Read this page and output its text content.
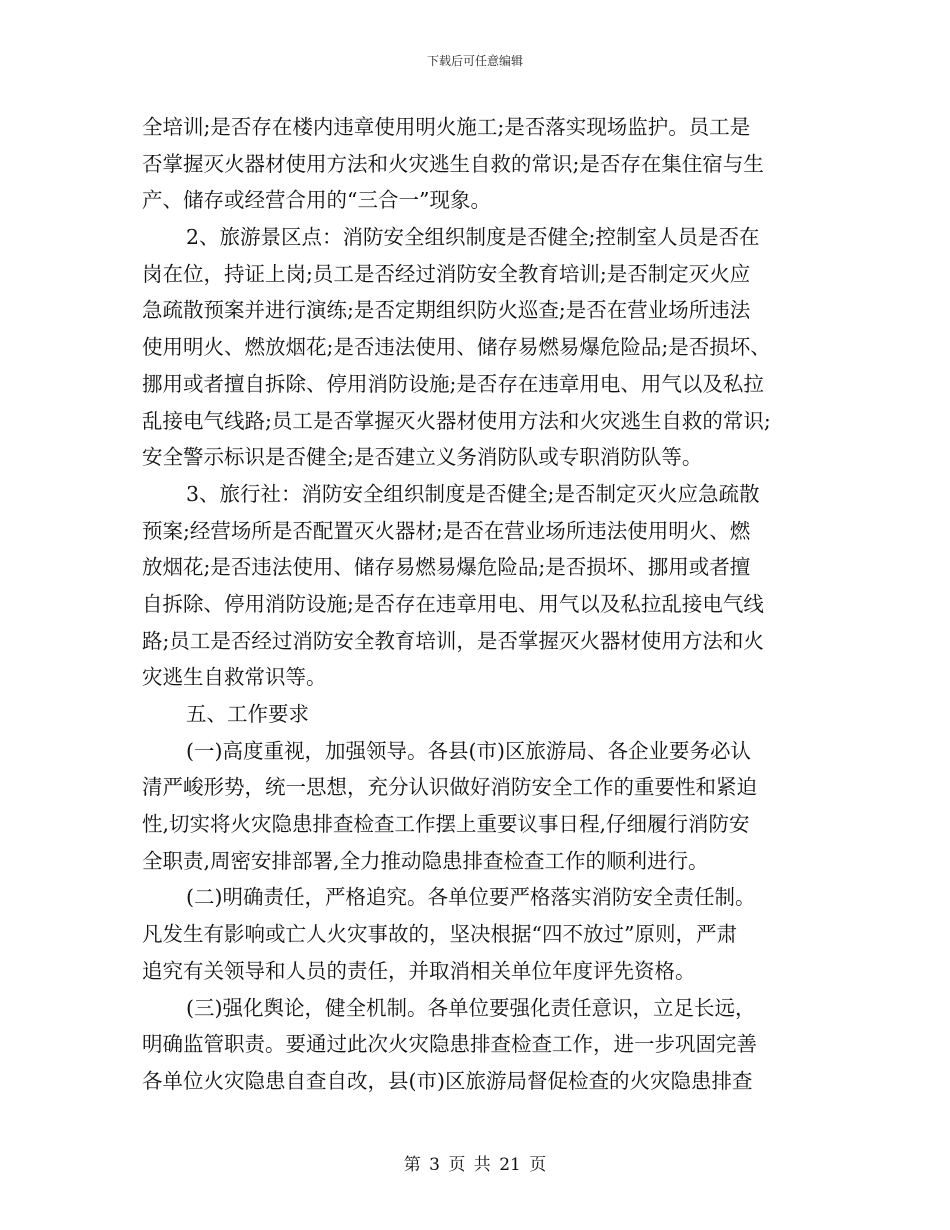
下载后可任意编辑
全培训;是否存在楼内违章使用明火施工;是否落实现场监护。员工是
否掌握灭火器材使用方法和火灾逃生自救的常识;是否存在集住宿与生
产、储存或经营合用的“三合一”现象。
2、旅游景区点：消防安全组织制度是否健全;控制室人员是否在
岗在位，持证上岗;员工是否经过消防安全教育培训;是否制定灭火应
急疏散预案并进行演练;是否定期组织防火巡查;是否在营业场所违法
使用明火、燃放烟花;是否违法使用、储存易燃易爆危险品;是否损坏、
挪用或者擅自拆除、停用消防设施;是否存在违章用电、用气以及私拉
乱接电气线路;员工是否掌握灭火器材使用方法和火灾逃生自救的常识;
安全警示标识是否健全;是否建立义务消防队或专职消防队等。
3、旅行社：消防安全组织制度是否健全;是否制定灭火应急疏散
预案;经营场所是否配置灭火器材;是否在营业场所违法使用明火、燃
放烟花;是否违法使用、储存易燃易爆危险品;是否损坏、挪用或者擅
自拆除、停用消防设施;是否存在违章用电、用气以及私拉乱接电气线
路;员工是否经过消防安全教育培训，是否掌握灭火器材使用方法和火
灾逃生自救常识等。
五、工作要求
(一)高度重视，加强领导。各县(市)区旅游局、各企业要务必认
清严峻形势，统一思想，充分认识做好消防安全工作的重要性和紧迫
性,切实将火灾隐患排查检查工作摆上重要议事日程,仔细履行消防安
全职责,周密安排部署,全力推动隐患排查检查工作的顺利进行。
(二)明确责任，严格追究。各单位要严格落实消防安全责任制。
凡发生有影响或亡人火灾事故的，坚决根据“四不放过”原则，严肃
追究有关领导和人员的责任，并取消相关单位年度评先资格。
(三)强化舆论，健全机制。各单位要强化责任意识，立足长远，
明确监管职责。要通过此次火灾隐患排查检查工作，进一步巩固完善
各单位火灾隐患自查自改，县(市)区旅游局督促检查的火灾隐患排查
第 3 页 共 21 页
